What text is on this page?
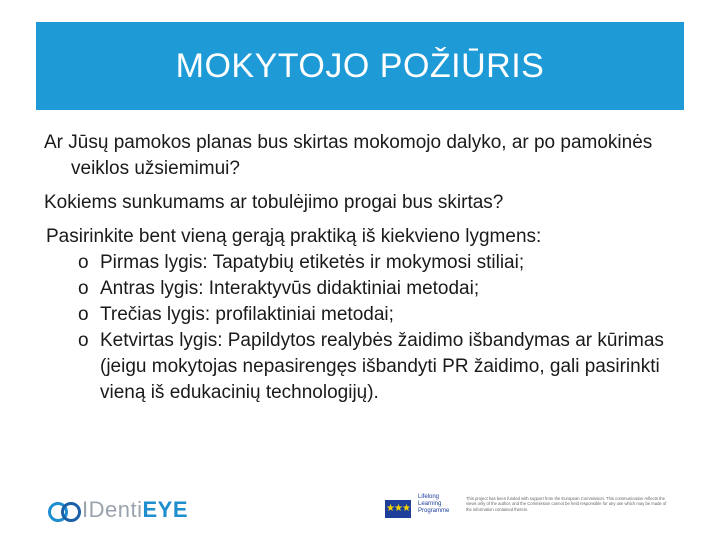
MOKYTOJO POŽIŪRIS

Ar Jūsų pamokos planas bus skirtas mokomojo dalyko, ar po pamokinės veiklos užsiemimui?

Kokiems sunkumams ar tobulėjimo progai bus skirtas?

Pasirinkite bent vieną gerąją praktiką iš kiekvieno lygmens:

o Pirmas lygis: Tapatybių etiketės ir mokymosi stiliai;
o Antras lygis: Interaktyvūs didaktiniai metodai;
o Trečias lygis: profilaktiniai metodai;
o Ketvirtas lygis: Papildytos realybės žaidimo išbandymas ar kūrimas (jeigu mokytojas nepasirengęs išbandyti PR žaidimo, gali pasirinkti vieną iš edukacinių technologijų).
IDentiEYE	★★★
Lifelong Learning Programme
This project has been funded with support from the European Commission. This communication reflects the views only of the author, and the Commission cannot be held responsible for any use which may be made of the information contained therein.
